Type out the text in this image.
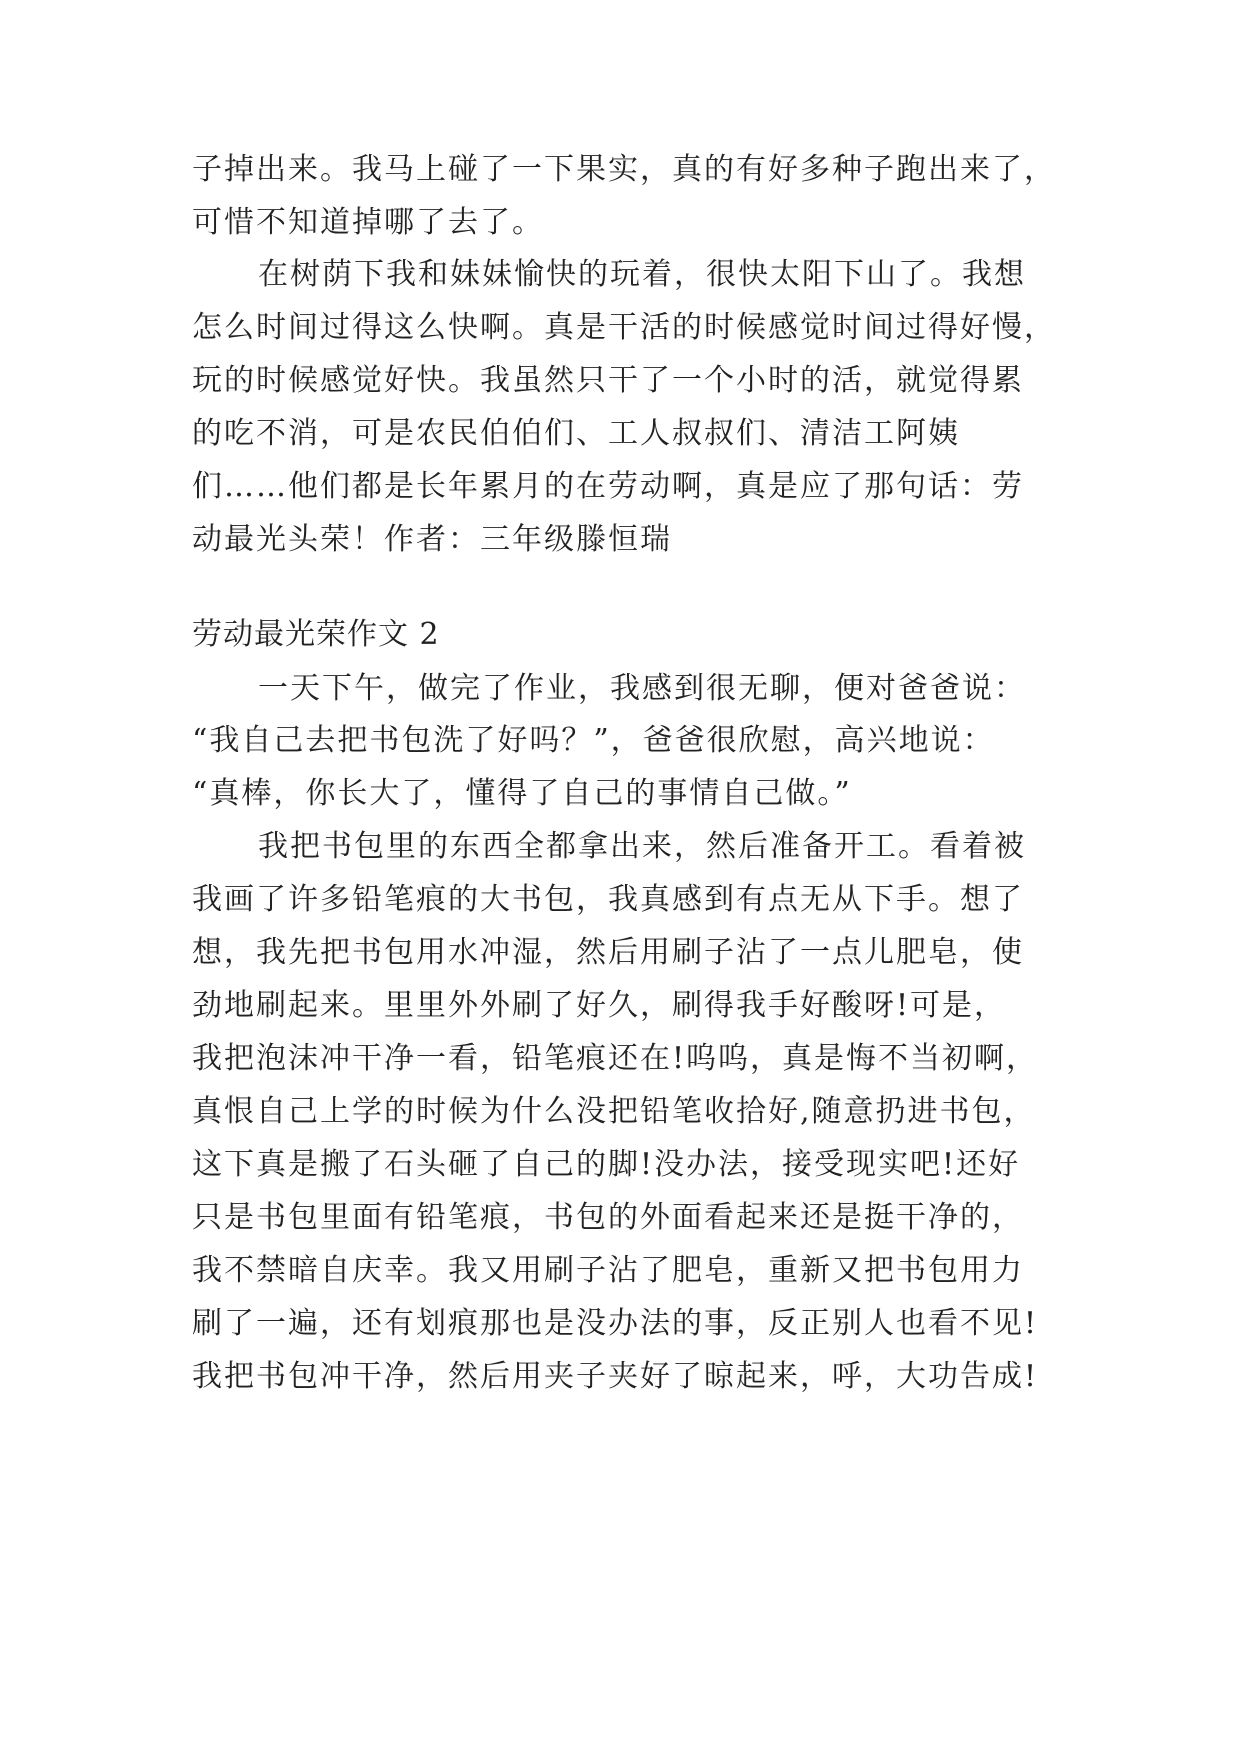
子掉出来。我马上碰了一下果实，真的有好多种子跑出来了，
可惜不知道掉哪了去了。
在树荫下我和妹妹愉快的玩着，很快太阳下山了。我想
怎么时间过得这么快啊。真是干活的时候感觉时间过得好慢，
玩的时候感觉好快。我虽然只干了一个小时的活，就觉得累
的吃不消，可是农民伯伯们、工人叔叔们、清洁工阿姨
们……他们都是长年累月的在劳动啊，真是应了那句话：劳
动最光头荣！作者：三年级滕恒瑞
劳动最光荣作文 2
一天下午，做完了作业，我感到很无聊，便对爸爸说：
“我自己去把书包洗了好吗？”，爸爸很欣慰，高兴地说：
“真棒，你长大了，懂得了自己的事情自己做。”
我把书包里的东西全都拿出来，然后准备开工。看着被
我画了许多铅笔痕的大书包，我真感到有点无从下手。想了
想，我先把书包用水冲湿，然后用刷子沾了一点儿肥皂，使
劲地刷起来。里里外外刷了好久，刷得我手好酸呀!可是，
我把泡沫冲干净一看，铅笔痕还在!呜呜，真是悔不当初啊，
真恨自己上学的时候为什么没把铅笔收拾好,随意扔进书包，
这下真是搬了石头砸了自己的脚!没办法，接受现实吧!还好
只是书包里面有铅笔痕，书包的外面看起来还是挺干净的，
我不禁暗自庆幸。我又用刷子沾了肥皂，重新又把书包用力
刷了一遍，还有划痕那也是没办法的事，反正别人也看不见!
我把书包冲干净，然后用夹子夹好了晾起来，呼，大功告成!
